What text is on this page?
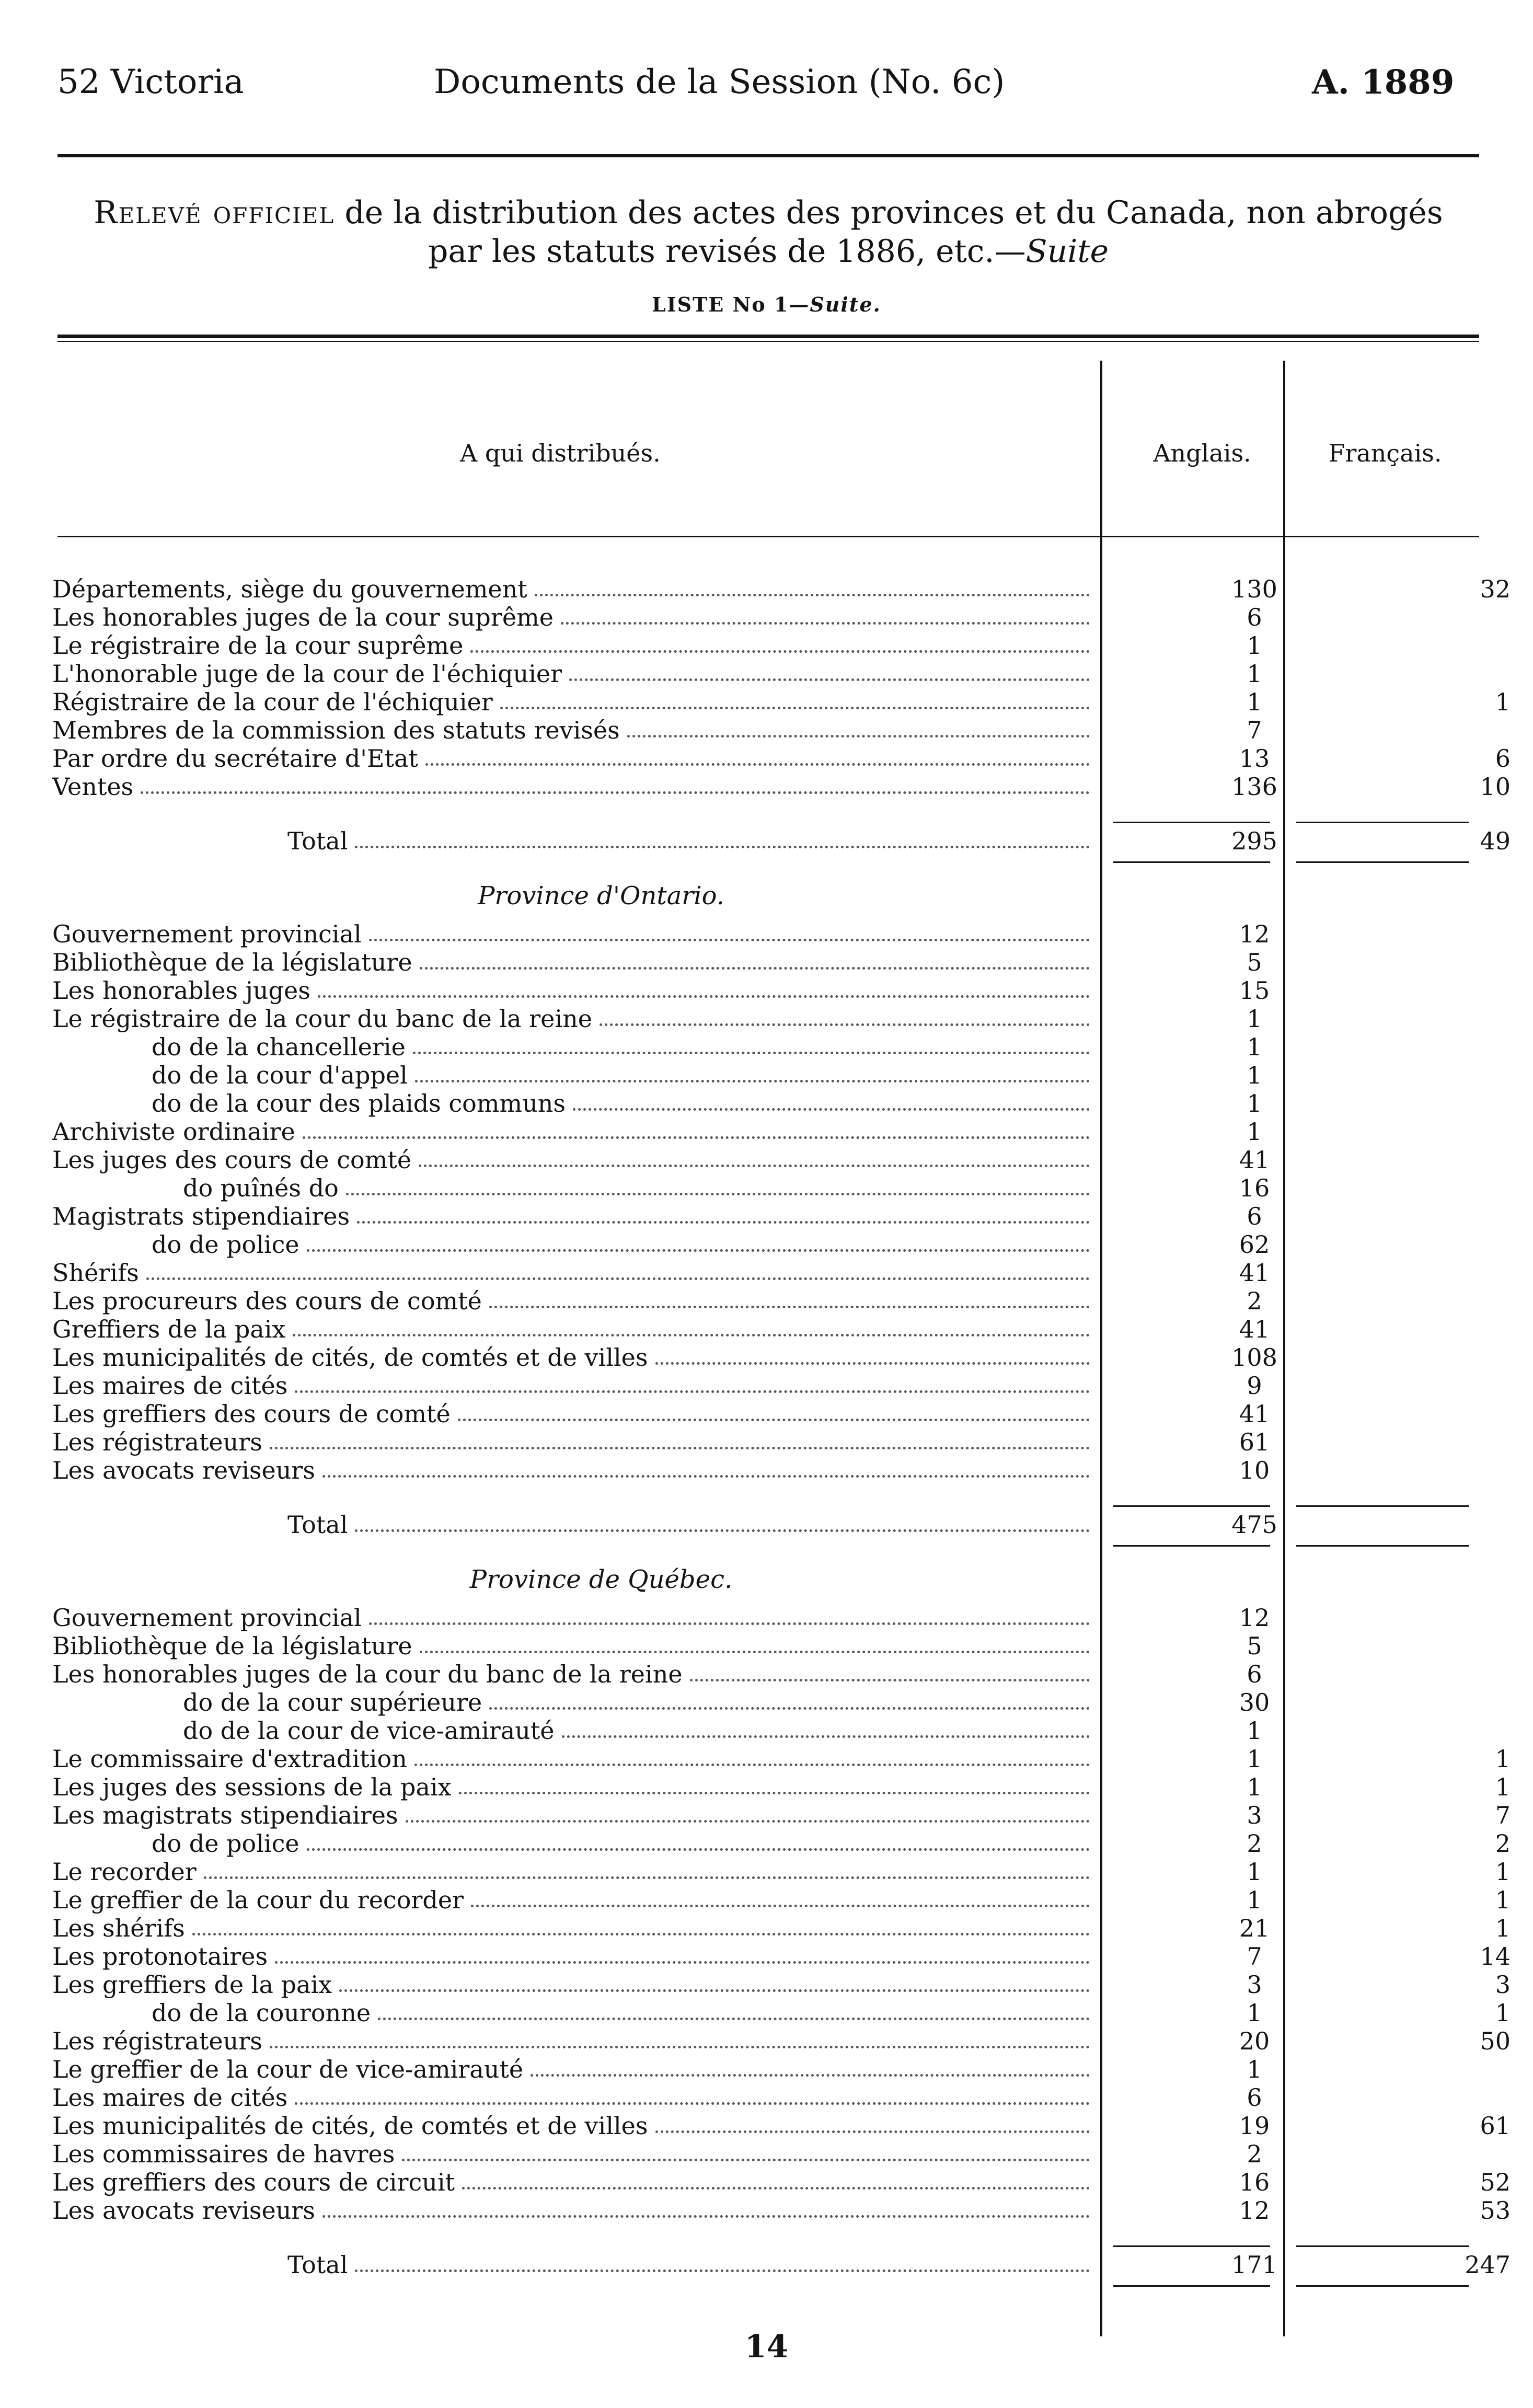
52 Victoria	Documents de la Session (No. 6c)	A. 1889
Relevé officiel de la distribution des actes des provinces et du Canada, non abrogés
par les statuts revisés de 1886, etc.—Suite
LISTE No 1—Suite.
A qui distribués.	Anglais.	Français.
Départements, siège du gouvernement	130	32
Les honorables juges de la cour suprême	6
Le régistraire de la cour suprême	1
L'honorable juge de la cour de l'échiquier	1
Régistraire de la cour de l'échiquier	1	1
Membres de la commission des statuts revisés	7
Par ordre du secrétaire d'Etat	13	6
Ventes	136	10
Total	295	49
Province d'Ontario.
Gouvernement provincial	12
Bibliothèque de la législature	5
Les honorables juges	15
Le régistraire de la cour du banc de la reine	1
do de la chancellerie	1
do de la cour d'appel	1
do de la cour des plaids communs	1
Archiviste ordinaire	1
Les juges des cours de comté	41
do puînés do	16
Magistrats stipendiaires	6
do de police	62
Shérifs	41
Les procureurs des cours de comté	2
Greffiers de la paix	41
Les municipalités de cités, de comtés et de villes	108
Les maires de cités	9
Les greffiers des cours de comté	41
Les régistrateurs	61
Les avocats reviseurs	10
Total	475
Province de Québec.
Gouvernement provincial	12
Bibliothèque de la législature	5
Les honorables juges de la cour du banc de la reine	6
do de la cour supérieure	30
do de la cour de vice-amirauté	1
Le commissaire d'extradition	1	1
Les juges des sessions de la paix	1	1
Les magistrats stipendiaires	3	7
do de police	2	2
Le recorder	1	1
Le greffier de la cour du recorder	1	1
Les shérifs	21	1
Les protonotaires	7	14
Les greffiers de la paix	3	3
do de la couronne	1	1
Les régistrateurs	20	50
Le greffier de la cour de vice-amirauté	1
Les maires de cités	6
Les municipalités de cités, de comtés et de villes	19	61
Les commissaires de havres	2
Les greffiers des cours de circuit	16	52
Les avocats reviseurs	12	53
Total	171	247
14
